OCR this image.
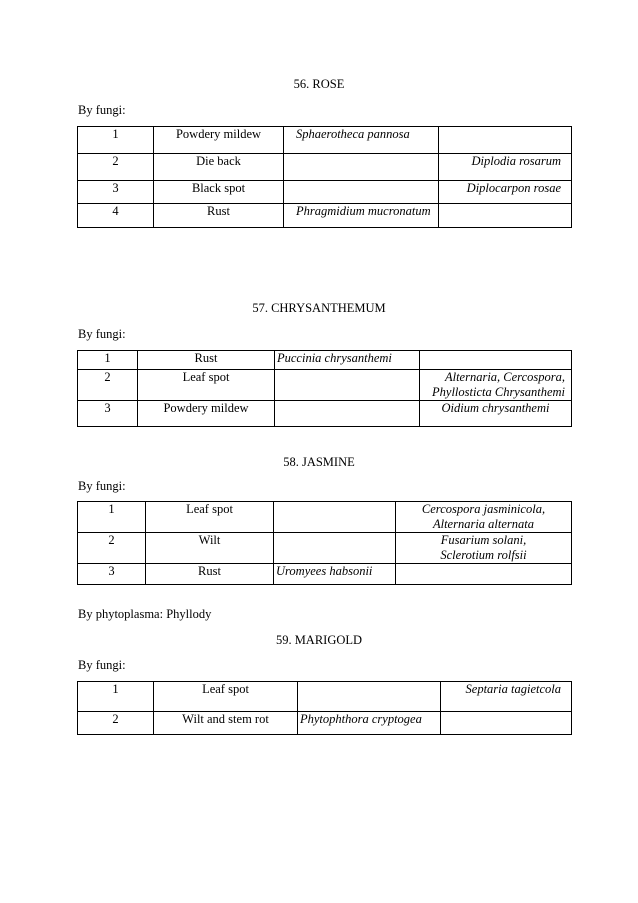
56. ROSE
By fungi:
1	Powdery mildew	Sphaerotheca pannosa	
2	Die back		Diplodia rosarum
3	Black spot		Diplocarpon rosae
4	Rust	Phragmidium mucronatum	
57. CHRYSANTHEMUM
By fungi:
1	Rust	Puccinia chrysanthemi	
2	Leaf spot		Alternaria, Cercospora,
Phyllosticta Chrysanthemi

3	Powdery mildew		Oidium chrysanthemi
58. JASMINE
By fungi:
1	Leaf spot		Cercospora jasminicola,
Alternaria alternata

2	Wilt		Fusarium solani,
Sclerotium rolfsii

3	Rust	Uromyees habsonii	
By phytoplasma: Phyllody
59. MARIGOLD
By fungi:
1	Leaf spot		Septaria tagietcola
2	Wilt and stem rot	Phytophthora cryptogea	
